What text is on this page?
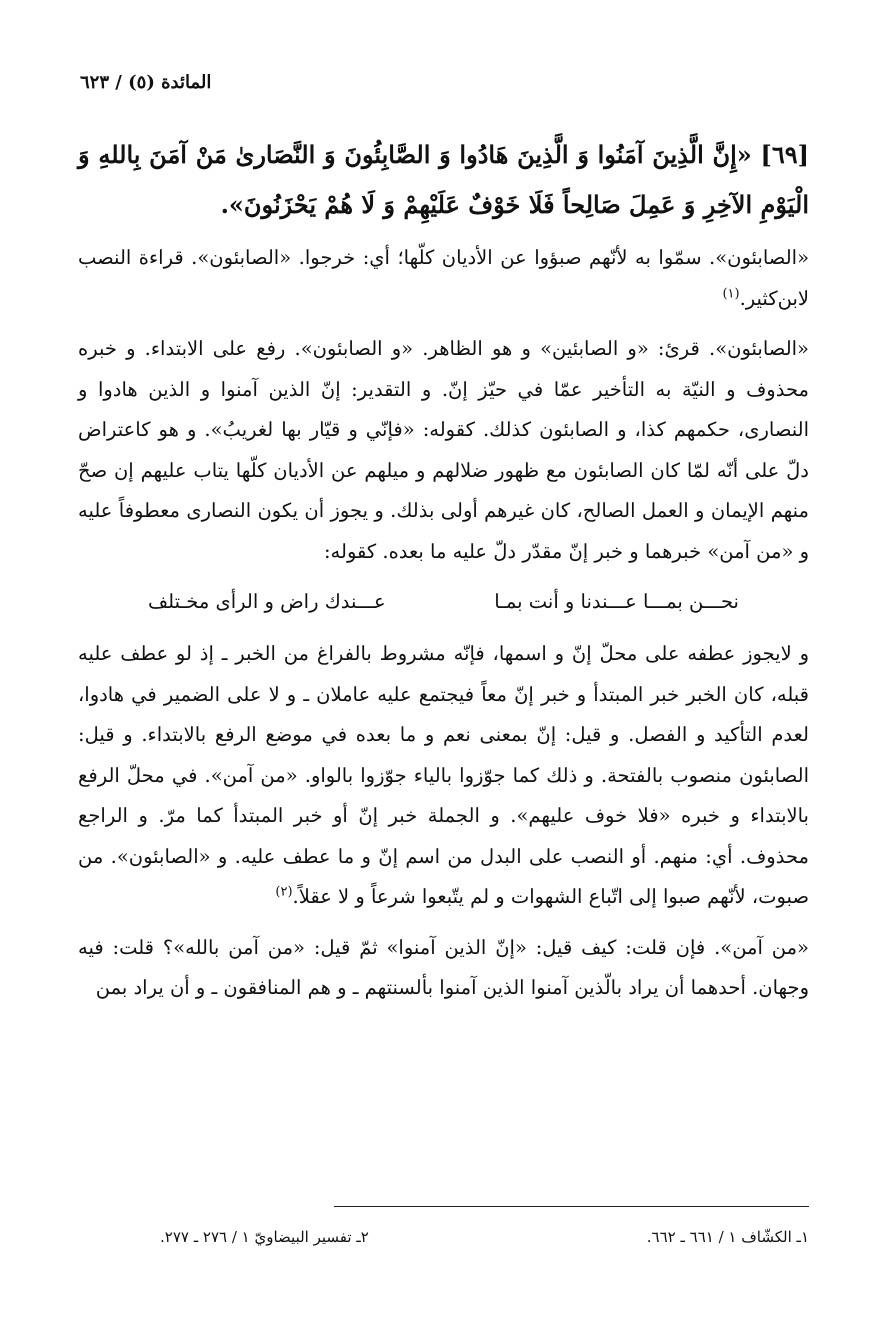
المائدة (٥) / ٦٢٣

[٦٩] «إِنَّ الَّذِينَ آمَنُوا وَ الَّذِينَ هَادُوا وَ الصَّابِئُونَ وَ النَّصَارىٰ مَنْ آمَنَ بِاللهِ وَ الْيَوْمِ الآخِرِ وَ عَمِلَ صَالِحاً فَلَا خَوْفٌ عَلَيْهِمْ وَ لَا هُمْ يَحْزَنُونَ».

«الصابئون». سمّوا به لأنّهم صبؤوا عن الأديان كلّها؛ أي: خرجوا. «الصابئون». قراءة النصب لابن‌كثير.$^{(١)}$

«الصابئون». قرئ: «و الصابئين» و هو الظاهر. «و الصابئون». رفع على الابتداء. و خبره محذوف و النيّة به التأخير عمّا في حيّز إنّ. و التقدير: إنّ الذين آمنوا و الذين هادوا و النصارى، حكمهم كذا، و الصابئون كذلك. كقوله: «فإنّي و قيّار بها لغريبُ». و هو كاعتراض دلّ على أنّه لمّا كان الصابئون مع ظهور ضلالهم و ميلهم عن الأديان كلّها يتاب عليهم إن صحّ منهم الإيمان و العمل الصالح، كان غيرهم أولى بذلك. و يجوز أن يكون النصارى معطوفاً عليه و «من آمن» خبرهما و خبر إنّ مقدّر دلّ عليه ما بعده. كقوله:

نحـــن بمـــا عـــندنا و أنت بمـا
عـــندك راض و الرأى مخـتلف

و لايجوز عطفه على محلّ إنّ و اسمها، فإنّه مشروط بالفراغ من الخبر ـ إذ لو عطف عليه قبله، كان الخبر خبر المبتدأ و خبر إنّ معاً فيجتمع عليه عاملان ـ و لا على الضمير في هادوا، لعدم التأكيد و الفصل. و قيل: إنّ بمعنى نعم و ما بعده في موضع الرفع بالابتداء. و قيل: الصابئون منصوب بالفتحة. و ذلك كما جوّزوا بالياء جوّزوا بالواو. «من آمن». في محلّ الرفع بالابتداء و خبره «فلا خوف عليهم». و الجملة خبر إنّ أو خبر المبتدأ كما مرّ. و الراجع محذوف. أي: منهم. أو النصب على البدل من اسم إنّ و ما عطف عليه. و «الصابئون». من صبوت، لأنّهم صبوا إلى اتّباع الشهوات و لم يتّبعوا شرعاً و لا عقلاً.$^{(٢)}$

«من آمن». فإن قلت: كيف قيل: «إنّ الذين آمنوا» ثمّ قيل: «من آمن بالله»؟ قلت: فيه وجهان. أحدهما أن يراد بالّذين آمنوا الذين آمنوا بألسنتهم ـ و هم المنافقون ـ و أن يراد بمن

١ـ الكشّاف ١ / ٦٦١ ـ ٦٦٢.
٢ـ تفسير البيضاويّ ١ / ٢٧٦ ـ ٢٧٧.
